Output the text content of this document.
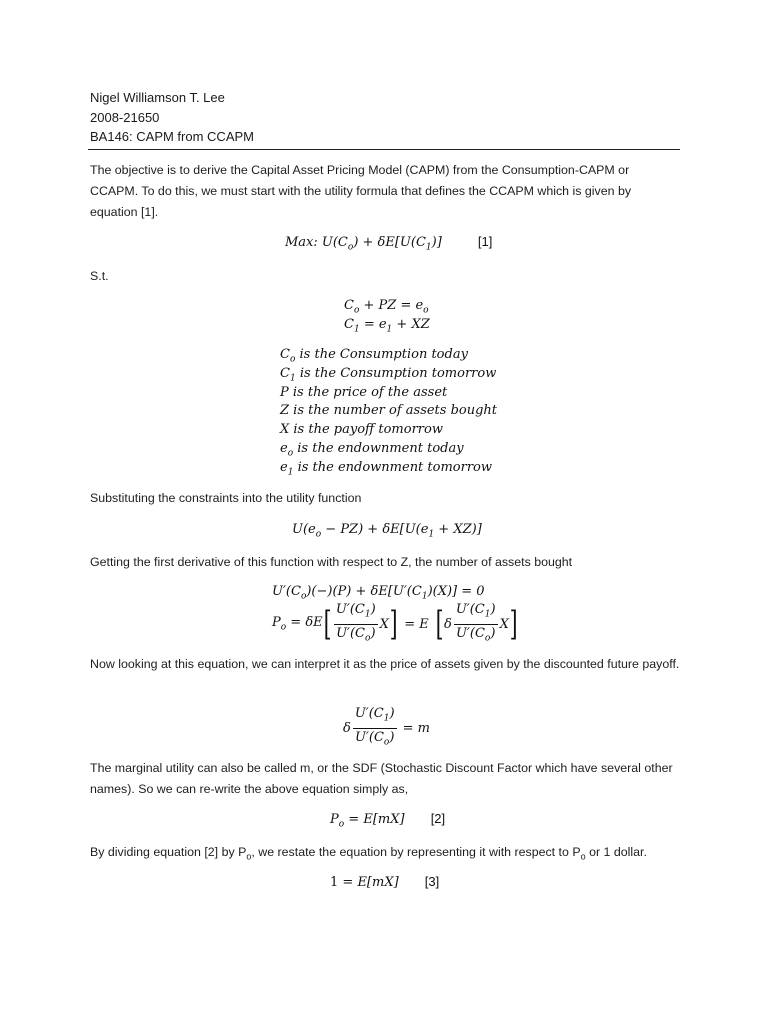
Nigel Williamson T. Lee
2008-21650
BA146: CAPM from CCAPM
The objective is to derive the Capital Asset Pricing Model (CAPM) from the Consumption-CAPM or CCAPM. To do this, we must start with the utility formula that defines the CCAPM which is given by equation [1].
Max: $U(C_o) + \delta E[U(C_1)]$ [1]
S.t.
$C_o$ + PZ = $e_o$
$C_1 = e_1$ + XZ
$C_o$ is the Consumption today
$C_1$ is the Consumption tomorrow
P is the price of the asset
Z is the number of assets bought
X is the payoff tomorrow
$e_o$ is the endownment today
$e_1$ is the endownment tomorrow
Substituting the constraints into the utility function
$U(e_o - PZ) + \delta E[U(e_1 + XZ)]$
Getting the first derivative of this function with respect to Z, the number of assets bought
$U'(C_o)(-)(P) + \delta E[U'(C_1)(X)] = 0$
$P_o = \delta E$ [ $\frac{U'(C_1)}{U'(C_o)}$ X ] = E [ δ $\frac{U'(C_1)}{U'(C_o)}$ X ]
Now looking at this equation, we can interpret it as the price of assets given by the discounted future payoff.
δ $\frac{U'(C_1)}{U'(C_o)} = m$
The marginal utility can also be called m, or the SDF (Stochastic Discount Factor which have several other names). So we can re-write the above equation simply as,
$P_o = E[mX]$ [2]
By dividing equation [2] by $P_o$, we restate the equation by representing it with respect to $P_o$ or 1 dollar.
1 = E[mX] [3]
